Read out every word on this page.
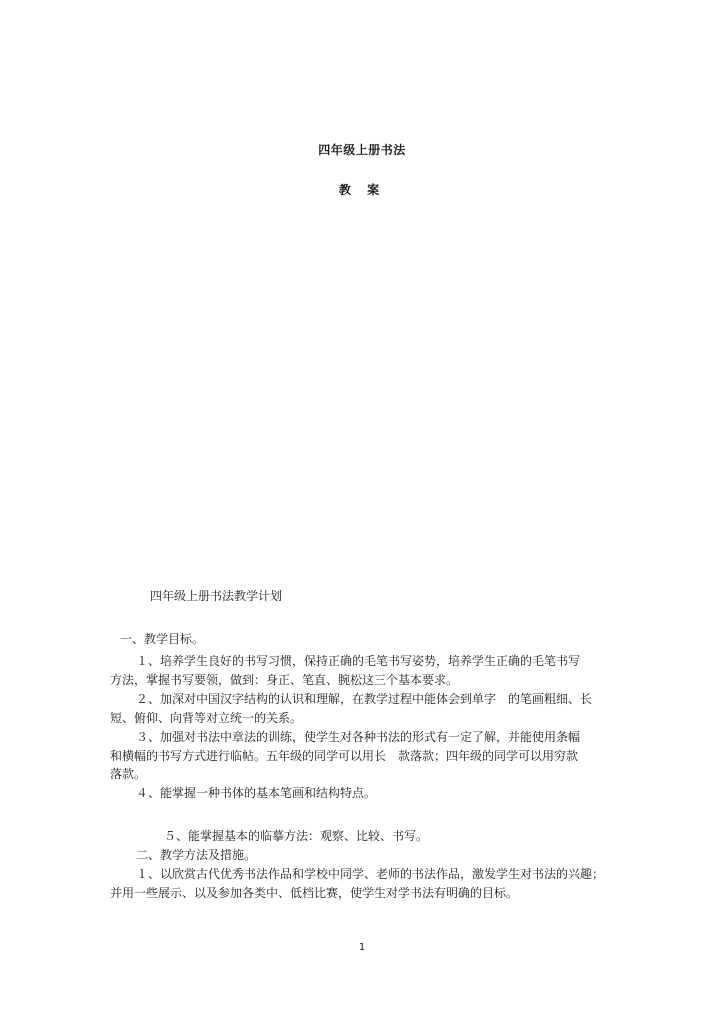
四年级上册书法
教 案
四年级上册书法教学计划
一、教学目标。
１、培养学生良好的书写习惯，保持正确的毛笔书写姿势，培养学生正确的毛笔书写
方法，掌握书写要领，做到：身正、笔直、腕松这三个基本要求。
２、加深对中国汉字结构的认识和理解，在教学过程中能体会到单字　的笔画粗细、长
短、俯仰、向背等对立统一的关系。
３、加强对书法中章法的训练，使学生对各种书法的形式有一定了解，并能使用条幅
和横幅的书写方式进行临帖。五年级的同学可以用长　款落款；四年级的同学可以用穷款
落款。
４、能掌握一种书体的基本笔画和结构特点。
５、能掌握基本的临摹方法：观察、比较、书写。
二、教学方法及措施。
１、以欣赏古代优秀书法作品和学校中同学、老师的书法作品，激发学生对书法的兴趣；
并用一些展示、以及参加各类中、低档比赛，使学生对学书法有明确的目标。
1
